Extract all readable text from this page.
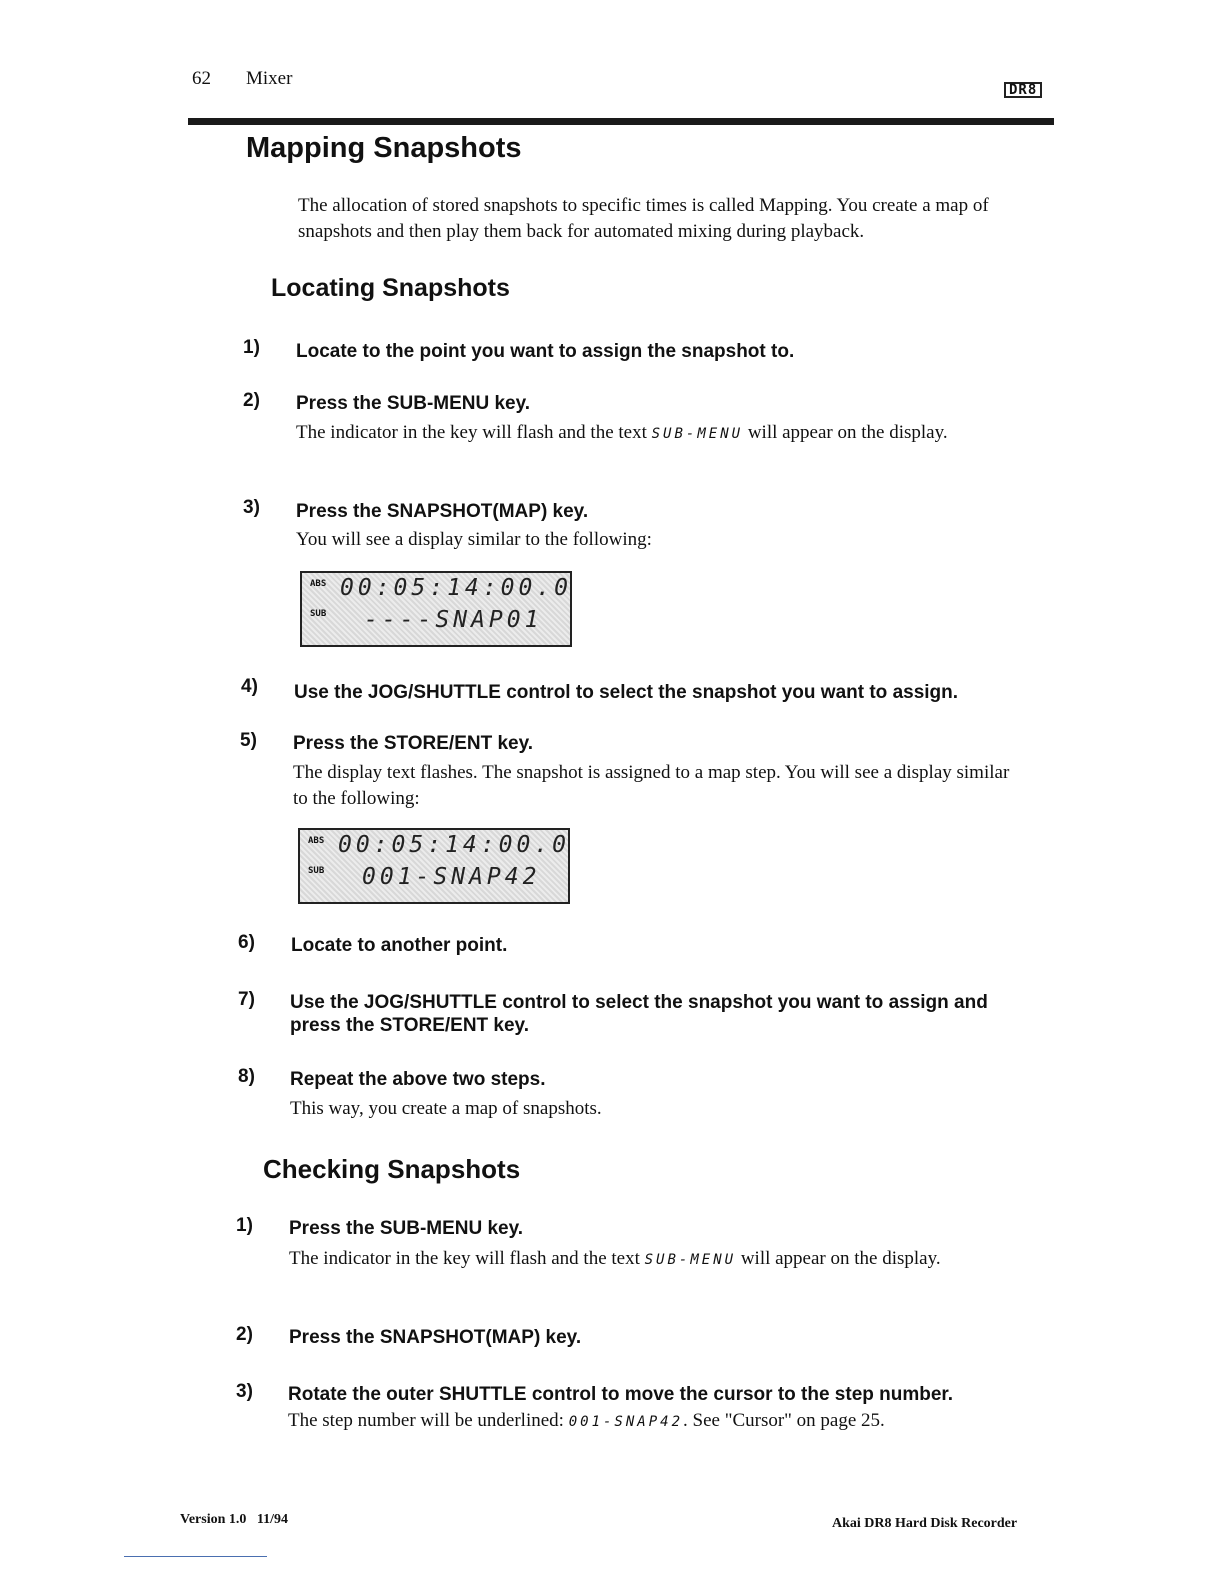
62 Mixer
DR8
Mapping Snapshots
The allocation of stored snapshots to specific times is called Mapping. You create a map of snapshots and then play them back for automated mixing during playback.
Locating Snapshots
1) Locate to the point you want to assign the snapshot to.
2) Press the SUB-MENU key.
The indicator in the key will flash and the text SUB-MENU will appear on the display.
3) Press the SNAPSHOT(MAP) key.
You will see a display similar to the following:
ABS
SUB
00:05:14:00.0
----SNAP01
4) Use the JOG/SHUTTLE control to select the snapshot you want to assign.
5) Press the STORE/ENT key.
The display text flashes. The snapshot is assigned to a map step. You will see a display similar to the following:
ABS
SUB
00:05:14:00.0
001-SNAP42
6) Locate to another point.
7) Use the JOG/SHUTTLE control to select the snapshot you want to assign and press the STORE/ENT key.
8) Repeat the above two steps.
This way, you create a map of snapshots.
Checking Snapshots
1) Press the SUB-MENU key.
The indicator in the key will flash and the text SUB-MENU will appear on the display.
2) Press the SNAPSHOT(MAP) key.
3) Rotate the outer SHUTTLE control to move the cursor to the step number.
The step number will be underlined: 001-SNAP42. See "Cursor" on page 25.
Version 1.0   11/94	Akai DR8 Hard Disk Recorder
